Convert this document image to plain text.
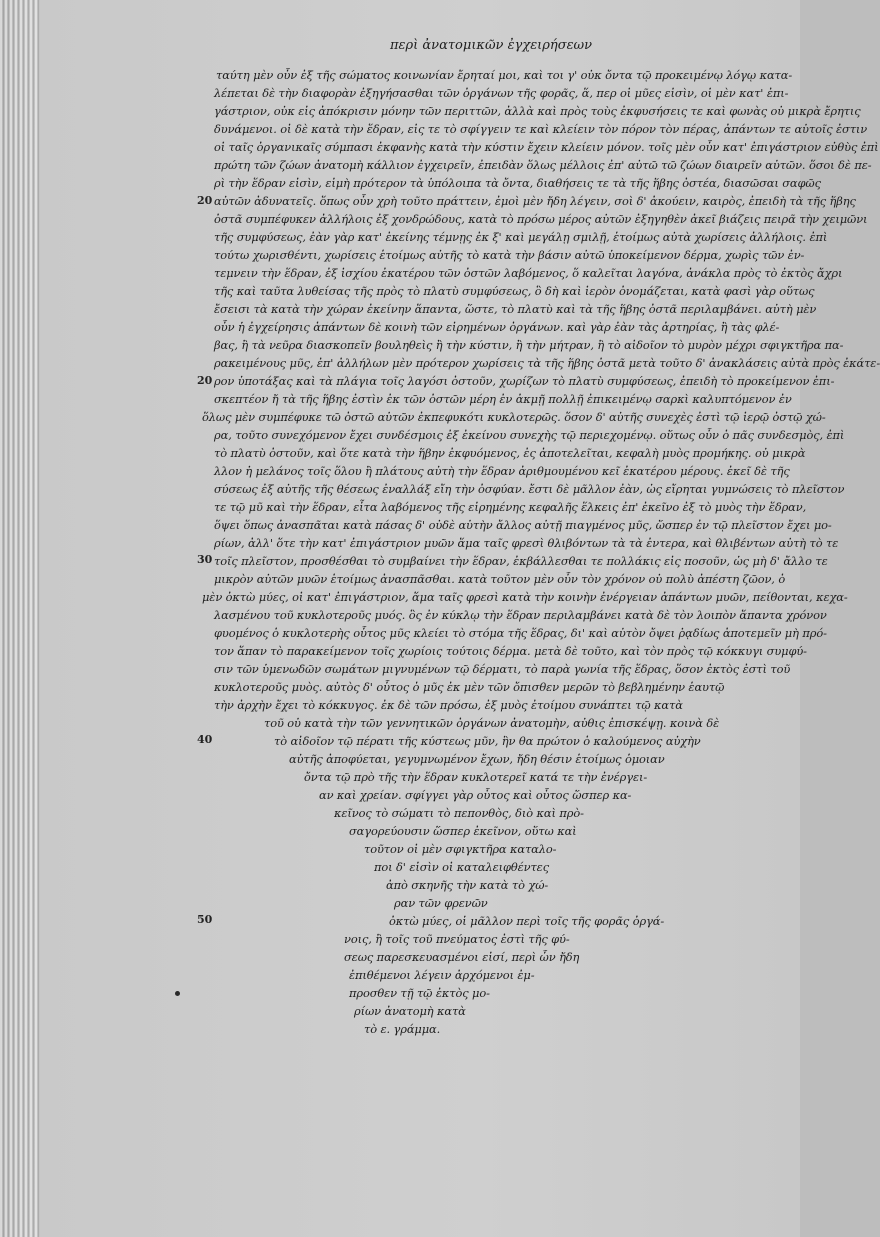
περὶ ἀνατομικῶν ἐγχειρήσεων
20
20
30
40
50
ταύτη μὲν οὖν ἐξ τῆς σώματος κοινωνίαν ἔρηταί μοι, καὶ τοι γ' οὐκ ὄντα τῷ προκειμένῳ λόγῳ κατα-
λέπεται δὲ τὴν διαφορὰν ἐξηγήσασθαι τῶν ὀργάνων τῆς φορᾶς, ἅ, περ οἱ μῦες εἰσὶν, οἱ μὲν κατ' ἐπι-
γάστριον, οὐκ εἰς ἀπόκρισιν μόνην τῶν περιττῶν, ἀλλὰ καὶ πρὸς τοὺς ἐκφυσήσεις τε καὶ φωνὰς οὐ μικρὰ ἔρητις
δυνάμενοι. οἱ δὲ κατὰ τὴν ἕδραν, εἰς τε τὸ σφίγγειν τε καὶ κλείειν τὸν πόρον τὸν πέρας, ἀπάντων τε αὐτοῖς ἐστιν
οἱ ταῖς ὀργανικαῖς σύμπασι ἐκφανὴς κατὰ τὴν κύστιν ἔχειν κλείειν μόνον. τοῖς μὲν οὖν κατ' ἐπιγάστριον εὐθὺς ἐπὶ
πρώτη τῶν ζώων ἀνατομὴ κάλλιον ἐγχειρεῖν, ἐπειδὰν ὅλως μέλλοις ἐπ' αὐτῶ τῶ ζώων διαιρεῖν αὐτῶν. ὅσοι δὲ πε-
ρὶ τὴν ἕδραν εἰσὶν, εἰμὴ πρότερον τὰ ὑπόλοιπα τὰ ὄντα, διαθήσεις τε τὰ τῆς ἥβης ὀστέα, διασῶσαι σαφῶς
αὐτῶν ἀδυνατεῖς. ὅπως οὖν χρὴ τοῦτο πράττειν, ἐμοὶ μὲν ἤδη λέγειν, σοὶ δ' ἀκούειν, καιρὸς, ἐπειδὴ τὰ τῆς ἥβης
ὀστᾶ συμπέφυκεν ἀλλήλοις ἐξ χονδρώδους, κατὰ τὸ πρόσω μέρος αὐτῶν ἐξηγηθὲν ἀκεῖ βιάζεις πειρᾶ τὴν χειμῶνι
τῆς συμφύσεως, ἐὰν γὰρ κατ' ἐκείνης τέμνῃς ἐκ ξ' καὶ μεγάλῃ σμιλῇ, ἑτοίμως αὐτὰ χωρίσεις ἀλλήλοις. ἐπὶ
τούτω χωρισθέντι, χωρίσεις ἑτοίμως αὐτῆς τὸ κατὰ τὴν βάσιν αὐτῶ ὑποκείμενον δέρμα, χωρὶς τῶν ἐν-
τεμνειν τὴν ἕδραν, ἐξ ἰσχίου ἐκατέρου τῶν ὀστῶν λαβόμενος, ὅ καλεῖται λαγόνα, ἀνάκλα πρὸς τὸ ἐκτὸς ἄχρι
τῆς καὶ ταῦτα λυθείσας τῆς πρὸς τὸ πλατὺ συμφύσεως, ὃ δὴ καὶ ἱερὸν ὀνομάζεται, κατὰ φασὶ γὰρ οὕτως
ἔσεισι τὰ κατὰ τὴν χώραν ἐκείνην ἅπαντα, ὥστε, τὸ πλατὺ καὶ τὰ τῆς ἥβης ὀστᾶ περιλαμβάνει. αὐτὴ μὲν
οὖν ἡ ἐγχείρησις ἁπάντων δὲ κοινὴ τῶν εἰρημένων ὀργάνων. καὶ γὰρ ἐὰν τὰς ἀρτηρίας, ἢ τὰς φλέ-
βας, ἢ τὰ νεῦρα διασκοπεῖν βουληθεὶς ἢ τὴν κύστιν, ἢ τὴν μήτραν, ἢ τὸ αἰδοῖον τὸ μυρὸν μέχρι σφιγκτῆρα πα-
ρακειμένους μῦς, ἐπ' ἀλλήλων μὲν πρότερον χωρίσεις τὰ τῆς ἥβης ὀστᾶ μετὰ τοῦτο δ' ἀνακλάσεις αὐτὰ πρὸς ἐκάτε-
ρον ὑποτάξας καὶ τὰ πλάγια τοῖς λαγόσι ὀστοῦν, χωρίζων τὸ πλατὺ συμφύσεως, ἐπειδὴ τὸ προκείμενον ἐπι-
σκεπτέον ἤ τὰ τῆς ἥβης ἐστὶν ἐκ τῶν ὀστῶν μέρη ἐν ἀκμῇ πολλῇ ἐπικειμένῳ σαρκὶ καλυπτόμενον ἐν
ὅλως μὲν συμπέφυκε τῶ ὀστῶ αὐτῶν ἐκπεφυκότι κυκλοτερῶς. ὅσον δ' αὐτῆς συνεχὲς ἐστὶ τῷ ἱερῷ ὀστῷ χώ-
ρα, τοῦτο συνεχόμενον ἔχει συνδέσμοις ἐξ ἐκείνου συνεχὴς τῷ περιεχομένῳ. οὕτως οὖν ὁ πᾶς συνδεσμὸς, ἐπὶ
τὸ πλατὺ ὀστοῦν, καὶ ὅτε κατὰ τὴν ἥβην ἐκφυόμενος, ἐς ἀποτελεῖται, κεφαλὴ μυὸς προμήκης. οὐ μικρὰ
λλον ἡ μελάνος τοῖς ὅλου ἢ πλάτους αὐτὴ τὴν ἕδραν ἀριθμουμένου κεῖ ἐκατέρου μέρους. ἐκεῖ δὲ τῆς
σύσεως ἐξ αὐτῆς τῆς θέσεως ἐναλλάξ εἴη τὴν ὀσφύαν. ἔστι δὲ μᾶλλον ἐὰν, ὡς εἴρηται γυμνώσεις τὸ πλεῖστον
τε τῷ μῦ καὶ τὴν ἕδραν, εἶτα λαβόμενος τῆς εἰρημένης κεφαλῆς ἕλκεις ἐπ' ἐκεῖνο ἐξ τὸ μυὸς τὴν ἕδραν,
ὅψει ὅπως ἀνασπᾶται κατὰ πάσας δ' οὐδὲ αὐτὴν ἄλλος αὐτῇ πιαγμένος μῦς, ὥσπερ ἐν τῷ πλεῖστον ἔχει μο-
ρίων, ἀλλ' ὅτε τὴν κατ' ἐπιγάστριον μυῶν ἅμα ταῖς φρεσὶ θλιβόντων τὰ τὰ ἐντερα, καὶ θλιβέντων αὐτὴ τὸ τε
τοῖς πλεῖστον, προσθέσθαι τὸ συμβαίνει τὴν ἕδραν, ἐκβάλλεσθαι τε πολλάκις εἰς ποσοῦν, ὡς μὴ δ' ἄλλο τε
μικρὸν αὐτῶν μυῶν ἑτοίμως ἀνασπᾶσθαι. κατὰ τοῦτον μὲν οὖν τὸν χρόνον οὐ πολὺ ἀπέστη ζῶον, ὁ
μὲν ὀκτὼ μύες, οἱ κατ' ἐπιγάστριον, ἅμα ταῖς φρεσὶ κατὰ τὴν κοινὴν ἐνέργειαν ἀπάντων μυῶν, πείθονται, κεχα-
λασμένου τοῦ κυκλοτεροῦς μυός. ὃς ἐν κύκλῳ τὴν ἕδραν περιλαμβάνει κατὰ δὲ τὸν λοιπὸν ἅπαντα χρόνον
φυομένος ὁ κυκλοτερὴς οὗτος μῦς κλείει τὸ στόμα τῆς ἕδρας, δι' καὶ αὐτὸν ὄψει ῥᾳδίως ἀποτεμεῖν μὴ πρό-
τον ἅπαν τὸ παρακείμενον τοῖς χωρίοις τούτοις δέρμα. μετὰ δὲ τοῦτο, καὶ τὸν πρὸς τῷ κόκκυγι συμφύ-
σιν τῶν ὑμενωδῶν σωμάτων μιγνυμένων τῷ δέρματι, τὸ παρὰ γωνία τῆς ἕδρας, ὅσον ἐκτὸς ἐστὶ τοῦ
κυκλοτεροῦς μυὸς. αὐτὸς δ' οὗτος ὁ μῦς ἐκ μὲν τῶν ὄπισθεν μερῶν τὸ βεβλημένην ἑαυτῷ
τὴν ἀρχὴν ἔχει τὸ κόκκυγος. ἐκ δὲ τῶν πρόσω, ἐξ μυὸς ἐτοίμου συνάπτει τῷ κατὰ
τοῦ οὐ κατὰ τὴν τῶν γεννητικῶν ὀργάνων ἀνατομὴν, αὐθις ἐπισκέψῃ. κοινὰ δὲ
τὸ αἰδοῖον τῷ πέρατι τῆς κύστεως μῦν, ἣν θα πρώτον ὁ καλούμενος αὐχὴν
αὐτῆς ἀποφύεται, γεγυμνωμένον ἔχων, ἤδη θέσιν ἑτοίμως ὁμοιαν
ὄντα τῷ πρὸ τῆς τὴν ἕδραν κυκλοτερεῖ κατά τε τὴν ἐνέργει-
αν καὶ χρείαν. σφίγγει γὰρ οὗτος καὶ οὗτος ὥσπερ κα-
κεῖνος τὸ σώματι τὸ πεπονθὸς, διὸ καὶ πρὸ-
σαγορεύουσιν ὥσπερ ἐκεῖνον, οὕτω καὶ
τοῦτον οἱ μὲν σφιγκτῆρα καταλο-
ποι δ' εἰσὶν οἱ καταλειφθέντες
ἀπὸ σκηνῆς τὴν κατὰ τὸ χώ-
ραν τῶν φρενῶν
ὀκτὼ μύες, οἱ μᾶλλον περὶ τοῖς τῆς φορᾶς ὀργά-
νοις, ἢ τοῖς τοῦ πνεύματος ἐστὶ τῆς φύ-
σεως παρεσκευασμένοι εἰσί, περὶ ὧν ἤδη
ἐπιθέμενοι λέγειν ἀρχόμενοι ἐμ-
προσθεν τῇ τῷ ἐκτὸς μο-
ρίων ἀνατομὴ κατὰ
τὸ ε. γράμμα.
